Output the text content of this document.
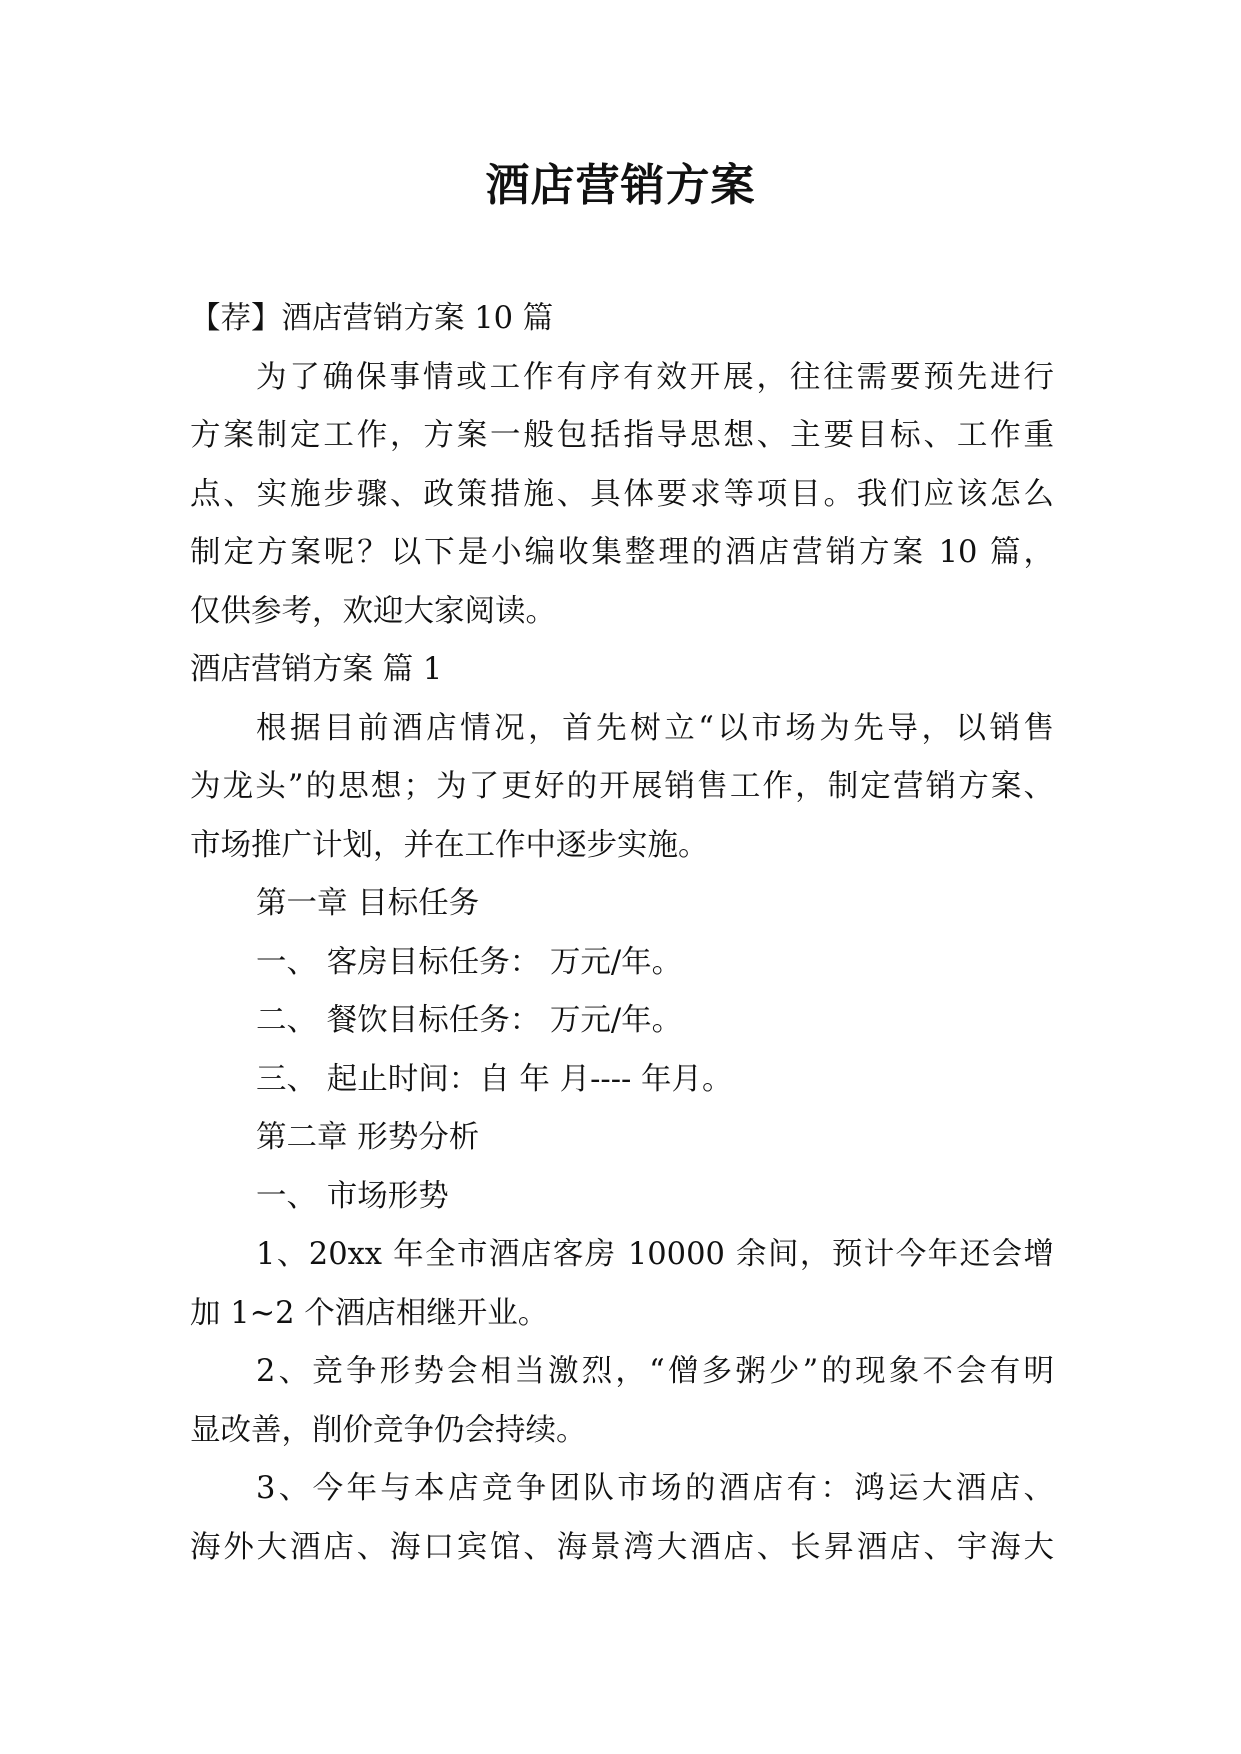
酒店营销方案

【荐】酒店营销方案 10 篇

为了确保事情或工作有序有效开展，往往需要预先进行

方案制定工作，方案一般包括指导思想、主要目标、工作重

点、实施步骤、政策措施、具体要求等项目。我们应该怎么

制定方案呢？以下是小编收集整理的酒店营销方案 10 篇，

仅供参考，欢迎大家阅读。

酒店营销方案 篇 1

根据目前酒店情况，首先树立“以市场为先导，以销售

为龙头”的思想；为了更好的开展销售工作，制定营销方案、

市场推广计划，并在工作中逐步实施。

第一章 目标任务

一、 客房目标任务： 万元/年。

二、 餐饮目标任务： 万元/年。

三、 起止时间：自 年 月---- 年月。

第二章 形势分析

一、 市场形势

1、20xx 年全市酒店客房 10000 余间，预计今年还会增

加 1~2 个酒店相继开业。

2、竞争形势会相当激烈，“僧多粥少”的现象不会有明

显改善，削价竞争仍会持续。

3、今年与本店竞争团队市场的酒店有：鸿运大酒店、

海外大酒店、海口宾馆、海景湾大酒店、长昇酒店、宇海大
